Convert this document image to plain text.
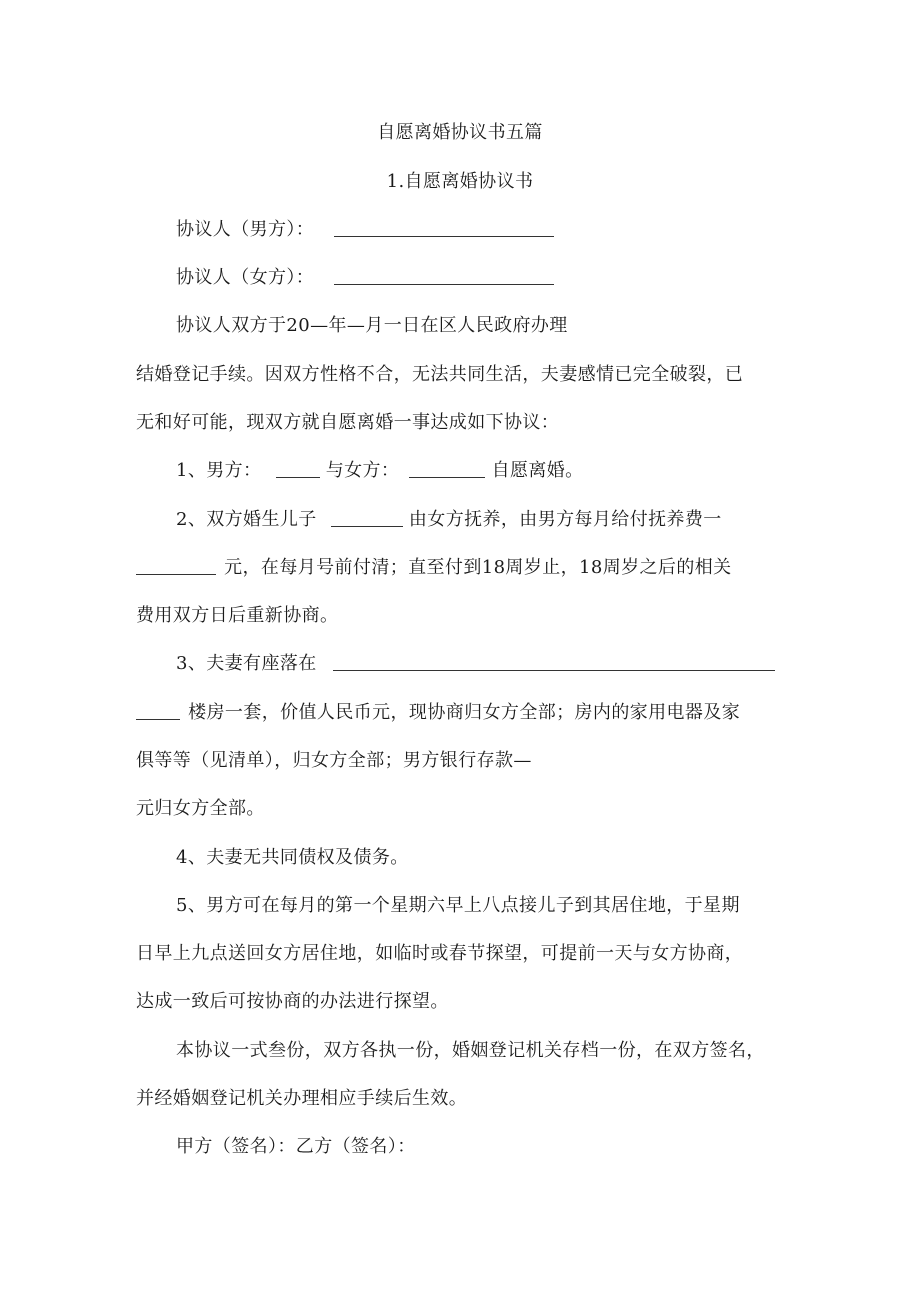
自愿离婚协议书五篇
1.自愿离婚协议书
协议人（男方）：
协议人（女方）：
协议人双方于20—年—月一日在区人民政府办理
结婚登记手续。因双方性格不合，无法共同生活，夫妻感情已完全破裂，已
无和好可能，现双方就自愿离婚一事达成如下协议：
1、男方：	与女方：	自愿离婚。
2、双方婚生儿子	由女方抚养，由男方每月给付抚养费一
元，在每月号前付清；直至付到18周岁止，18周岁之后的相关
费用双方日后重新协商。
3、夫妻有座落在
楼房一套，价值人民币元，现协商归女方全部；房内的家用电器及家
俱等等（见清单），归女方全部；男方银行存款—
元归女方全部。
4、夫妻无共同债权及债务。
5、男方可在每月的第一个星期六早上八点接儿子到其居住地，于星期
日早上九点送回女方居住地，如临时或春节探望，可提前一天与女方协商，
达成一致后可按协商的办法进行探望。
本协议一式叁份，双方各执一份，婚姻登记机关存档一份，在双方签名，
并经婚姻登记机关办理相应手续后生效。
甲方（签名）：乙方（签名）：
